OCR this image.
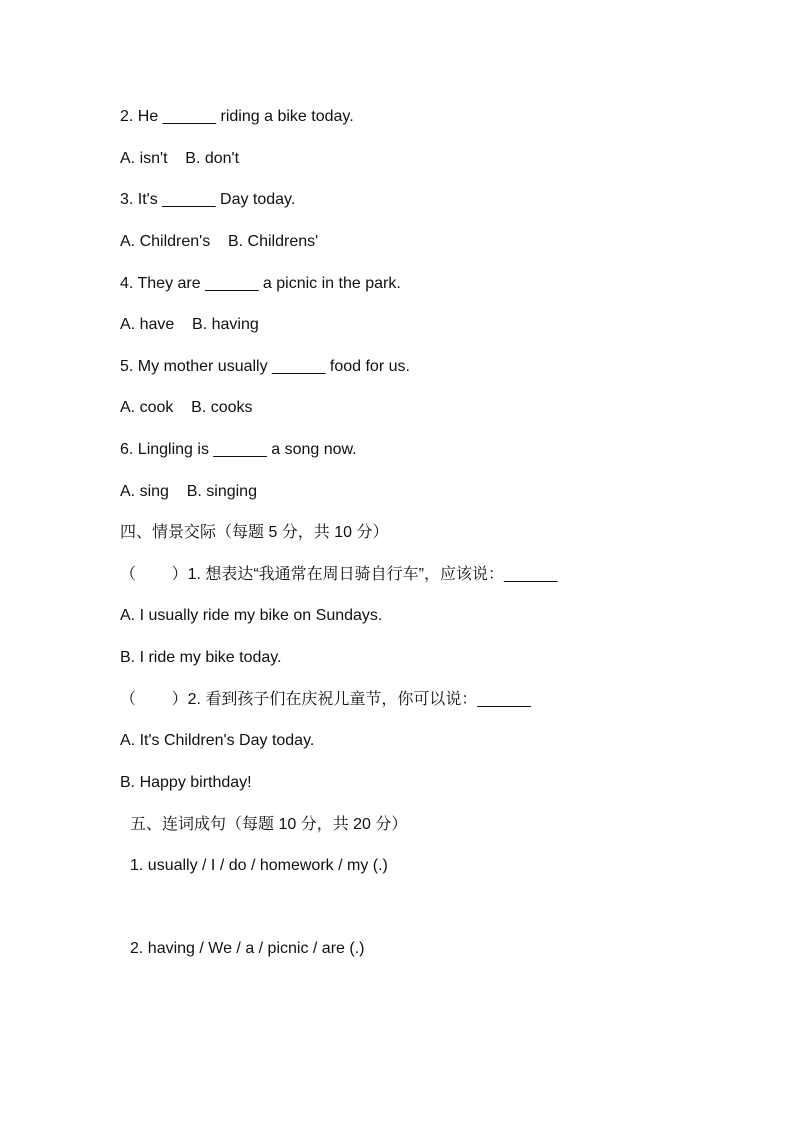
2. He ______ riding a bike today.
A. isn't    B. don't
3. It's ______ Day today.
A. Children's    B. Childrens'
4. They are ______ a picnic in the park.
A. have    B. having
5. My mother usually ______ food for us.
A. cook    B. cooks
6. Lingling is ______ a song now.
A. sing    B. singing
四、情景交际（每题 5 分，共 10 分）
（        ）1. 想表达“我通常在周日骑自行车”，应该说：______
A. I usually ride my bike on Sundays.
B. I ride my bike today.
（        ）2. 看到孩子们在庆祝儿童节，你可以说：______
A. It's Children's Day today.
B. Happy birthday!
五、连词成句（每题 10 分，共 20 分）
1. usually / I / do / homework / my (.)
2. having / We / a / picnic / are (.)
